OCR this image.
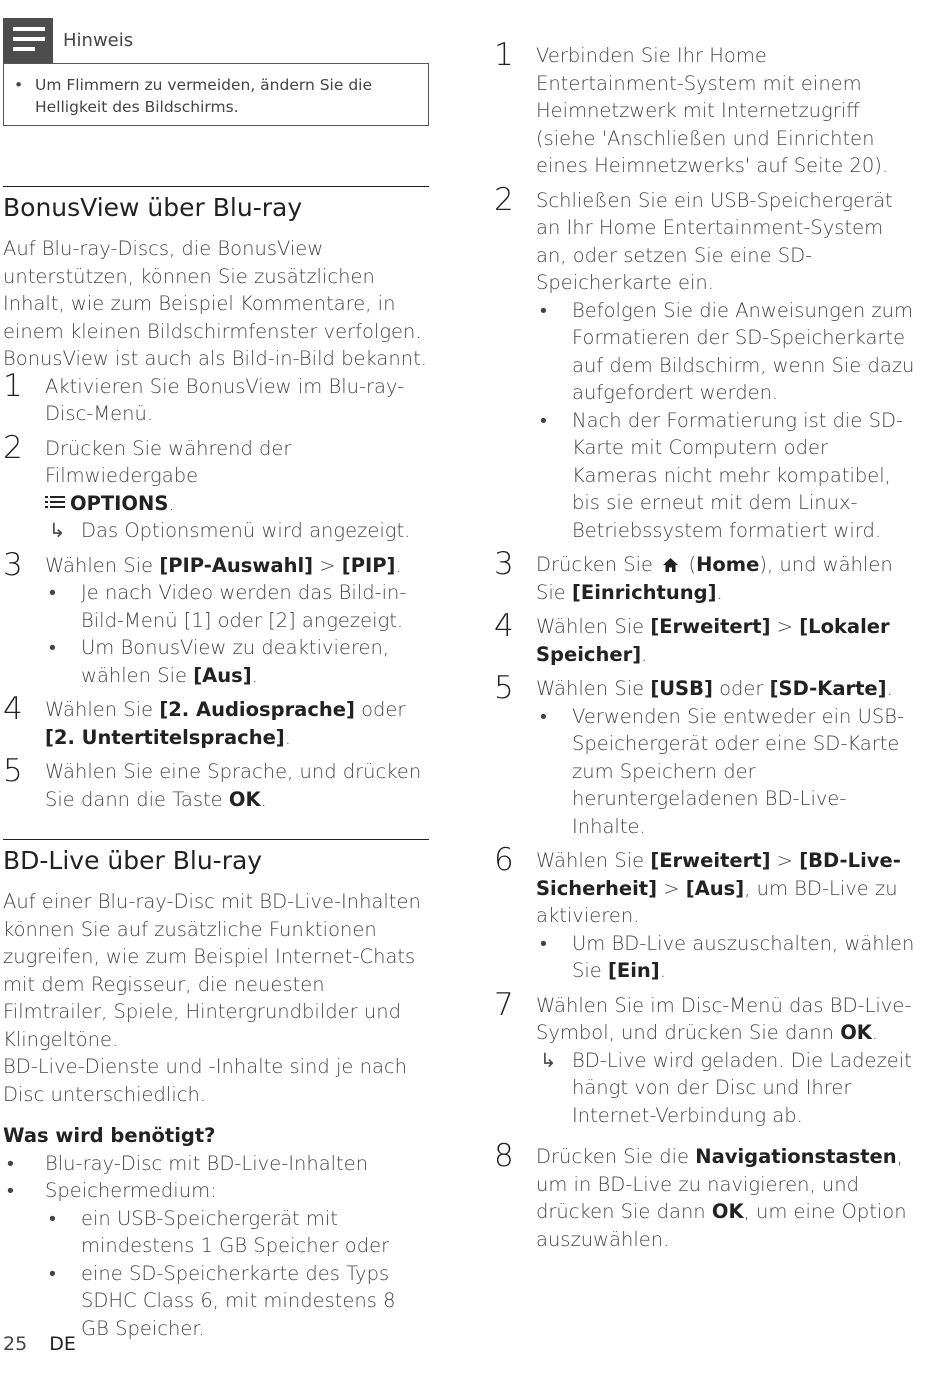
Hinweis
• Um Flimmern zu vermeiden, ändern Sie die Helligkeit des Bildschirms.
BonusView über Blu-ray
Auf Blu-ray-Discs, die BonusView unterstützen, können Sie zusätzlichen Inhalt, wie zum Beispiel Kommentare, in einem kleinen Bildschirmfenster verfolgen. BonusView ist auch als Bild-in-Bild bekannt.
1 Aktivieren Sie BonusView im Blu-ray-Disc-Menü.
2 Drücken Sie während der Filmwiedergabe

OPTIONS.
↳ Das Optionsmenü wird angezeigt.
3 Wählen Sie [PIP-Auswahl] > [PIP].
• Je nach Video werden das Bild-in-Bild-Menü [1] oder [2] angezeigt.
• Um BonusView zu deaktivieren, wählen Sie [Aus].
4 Wählen Sie [2. Audiosprache] oder [2. Untertitelsprache].
5 Wählen Sie eine Sprache, und drücken Sie dann die Taste OK.
BD-Live über Blu-ray
Auf einer Blu-ray-Disc mit BD-Live-Inhalten können Sie auf zusätzliche Funktionen zugreifen, wie zum Beispiel Internet-Chats mit dem Regisseur, die neuesten Filmtrailer, Spiele, Hintergrundbilder und Klingeltöne.
BD-Live-Dienste und -Inhalte sind je nach Disc unterschiedlich.
Was wird benötigt?
• Blu-ray-Disc mit BD-Live-Inhalten
• Speichermedium:
• ein USB-Speichergerät mit mindestens 1 GB Speicher oder
• eine SD-Speicherkarte des Typs SDHC Class 6, mit mindestens 8 GB Speicher.
1 Verbinden Sie Ihr Home Entertainment-System mit einem Heimnetzwerk mit Internetzugriff (siehe 'Anschließen und Einrichten eines Heimnetzwerks' auf Seite 20).
2 Schließen Sie ein USB-Speichergerät an Ihr Home Entertainment-System an, oder setzen Sie eine SD-Speicherkarte ein.
• Befolgen Sie die Anweisungen zum Formatieren der SD-Speicherkarte auf dem Bildschirm, wenn Sie dazu aufgefordert werden.
• Nach der Formatierung ist die SD-Karte mit Computern oder Kameras nicht mehr kompatibel, bis sie erneut mit dem Linux-Betriebssystem formatiert wird.
3 Drücken Sie  (Home), und wählen Sie [Einrichtung].
4 Wählen Sie [Erweitert] > [Lokaler Speicher].
5 Wählen Sie [USB] oder [SD-Karte].
• Verwenden Sie entweder ein USB-Speichergerät oder eine SD-Karte zum Speichern der heruntergeladenen BD-Live-Inhalte.
6 Wählen Sie [Erweitert] > [BD-Live-Sicherheit] > [Aus], um BD-Live zu aktivieren.
• Um BD-Live auszuschalten, wählen Sie [Ein].
7 Wählen Sie im Disc-Menü das BD-Live-Symbol, und drücken Sie dann OK.
↳ BD-Live wird geladen. Die Ladezeit hängt von der Disc und Ihrer Internet-Verbindung ab.
8 Drücken Sie die Navigationstasten, um in BD-Live zu navigieren, und drücken Sie dann OK, um eine Option auszuwählen.
25 DE
